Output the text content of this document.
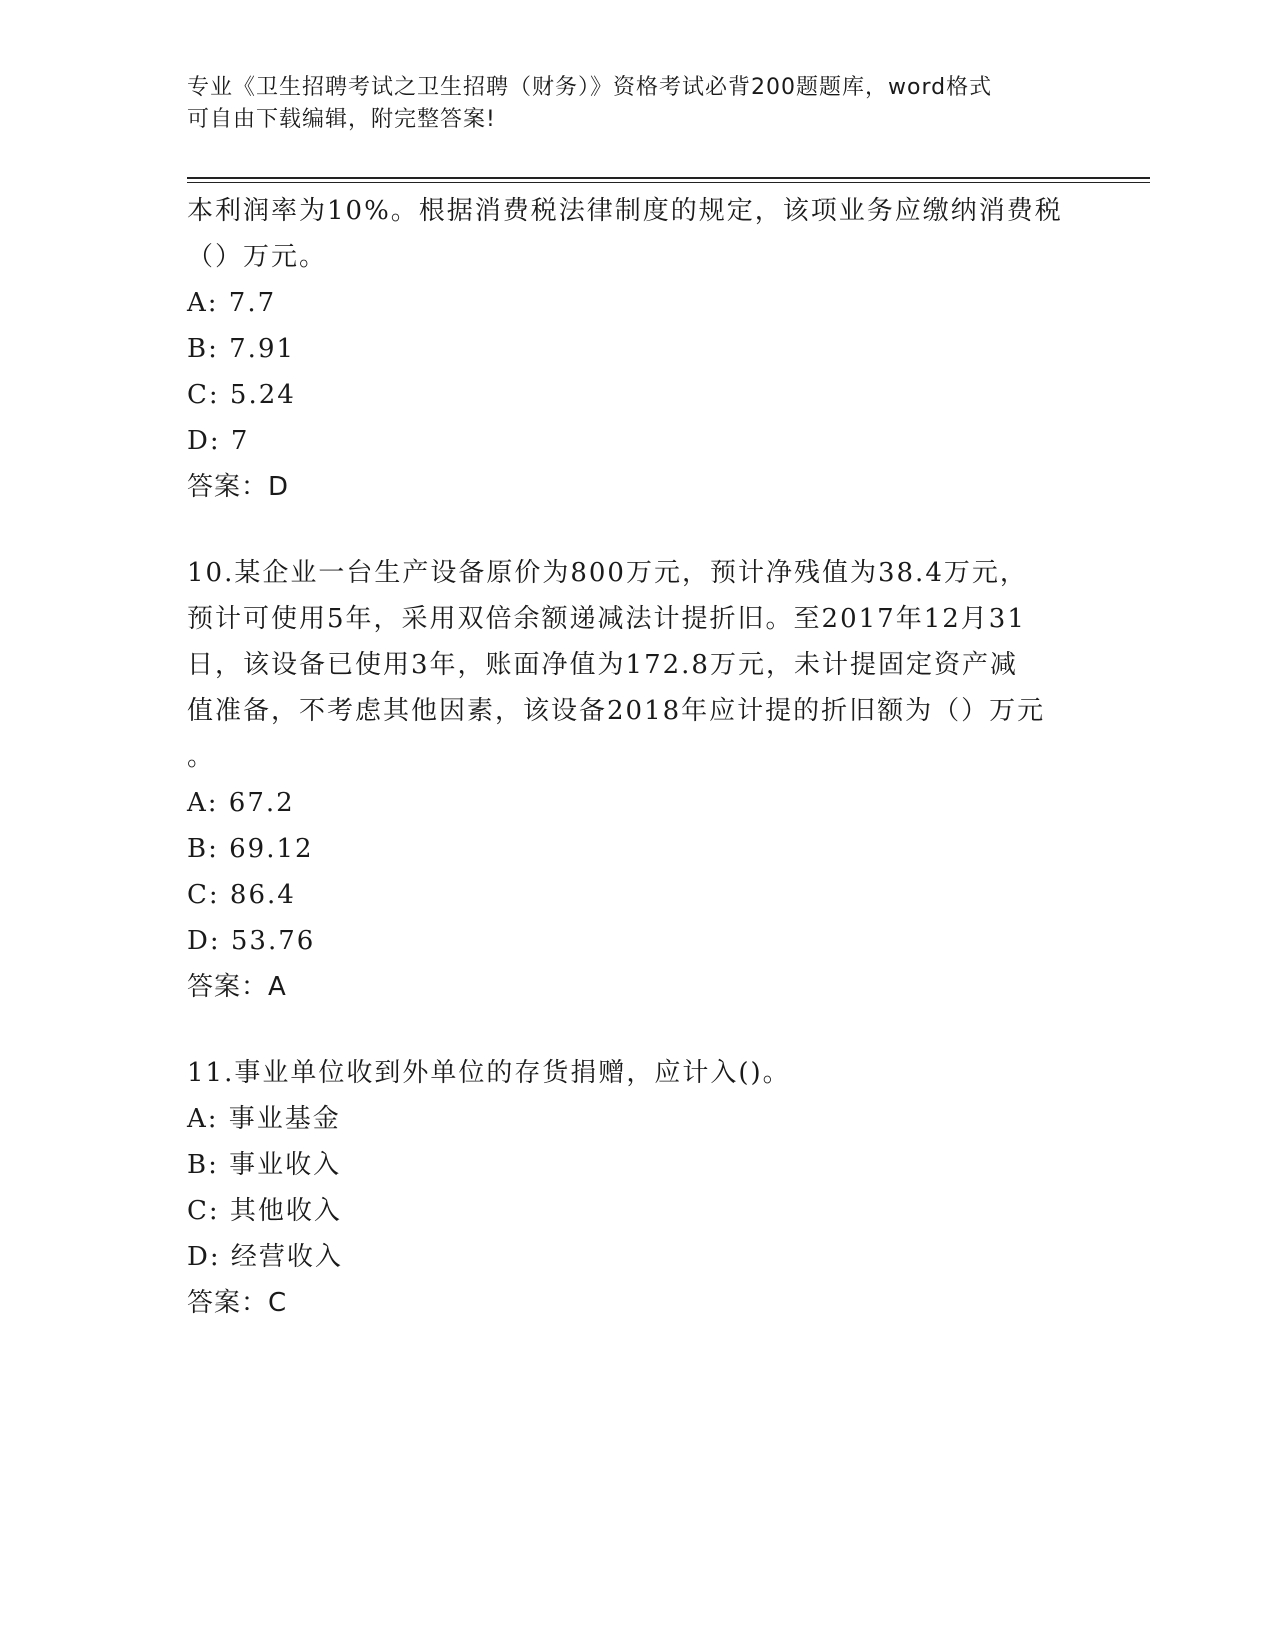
专业《卫生招聘考试之卫生招聘（财务）》资格考试必背200题题库，word格式
可自由下载编辑，附完整答案!
本利润率为10%。根据消费税法律制度的规定，该项业务应缴纳消费税
（）万元。
A: 7.7
B: 7.91
C: 5.24
D: 7
答案：D
10.某企业一台生产设备原价为800万元，预计净残值为38.4万元，
预计可使用5年，采用双倍余额递减法计提折旧。至2017年12月31
日，该设备已使用3年，账面净值为172.8万元，未计提固定资产减
值准备，不考虑其他因素，该设备2018年应计提的折旧额为（）万元
。
A: 67.2
B: 69.12
C: 86.4
D: 53.76
答案：A
11.事业单位收到外单位的存货捐赠，应计入()。
A: 事业基金
B: 事业收入
C: 其他收入
D: 经营收入
答案：C
